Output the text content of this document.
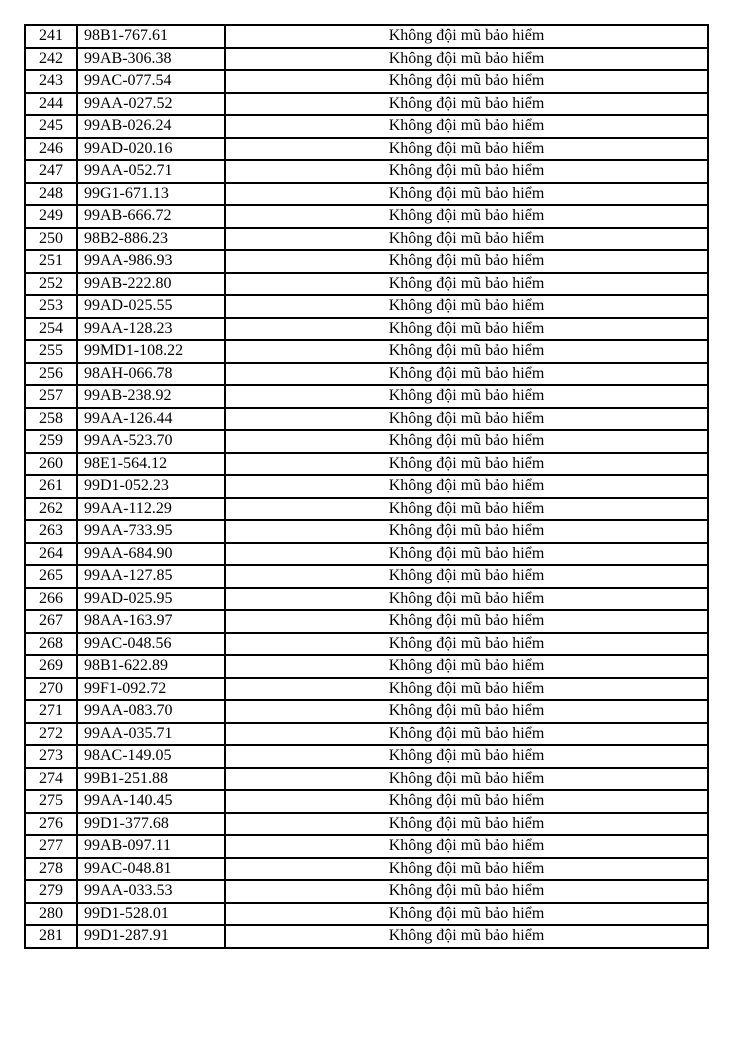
241	98B1-767.61	Không đội mũ bảo hiểm
242	99AB-306.38	Không đội mũ bảo hiểm
243	99AC-077.54	Không đội mũ bảo hiểm
244	99AA-027.52	Không đội mũ bảo hiểm
245	99AB-026.24	Không đội mũ bảo hiểm
246	99AD-020.16	Không đội mũ bảo hiểm
247	99AA-052.71	Không đội mũ bảo hiểm
248	99G1-671.13	Không đội mũ bảo hiểm
249	99AB-666.72	Không đội mũ bảo hiểm
250	98B2-886.23	Không đội mũ bảo hiểm
251	99AA-986.93	Không đội mũ bảo hiểm
252	99AB-222.80	Không đội mũ bảo hiểm
253	99AD-025.55	Không đội mũ bảo hiểm
254	99AA-128.23	Không đội mũ bảo hiểm
255	99MD1-108.22	Không đội mũ bảo hiểm
256	98AH-066.78	Không đội mũ bảo hiểm
257	99AB-238.92	Không đội mũ bảo hiểm
258	99AA-126.44	Không đội mũ bảo hiểm
259	99AA-523.70	Không đội mũ bảo hiểm
260	98E1-564.12	Không đội mũ bảo hiểm
261	99D1-052.23	Không đội mũ bảo hiểm
262	99AA-112.29	Không đội mũ bảo hiểm
263	99AA-733.95	Không đội mũ bảo hiểm
264	99AA-684.90	Không đội mũ bảo hiểm
265	99AA-127.85	Không đội mũ bảo hiểm
266	99AD-025.95	Không đội mũ bảo hiểm
267	98AA-163.97	Không đội mũ bảo hiểm
268	99AC-048.56	Không đội mũ bảo hiểm
269	98B1-622.89	Không đội mũ bảo hiểm
270	99F1-092.72	Không đội mũ bảo hiểm
271	99AA-083.70	Không đội mũ bảo hiểm
272	99AA-035.71	Không đội mũ bảo hiểm
273	98AC-149.05	Không đội mũ bảo hiểm
274	99B1-251.88	Không đội mũ bảo hiểm
275	99AA-140.45	Không đội mũ bảo hiểm
276	99D1-377.68	Không đội mũ bảo hiểm
277	99AB-097.11	Không đội mũ bảo hiểm
278	99AC-048.81	Không đội mũ bảo hiểm
279	99AA-033.53	Không đội mũ bảo hiểm
280	99D1-528.01	Không đội mũ bảo hiểm
281	99D1-287.91	Không đội mũ bảo hiểm
